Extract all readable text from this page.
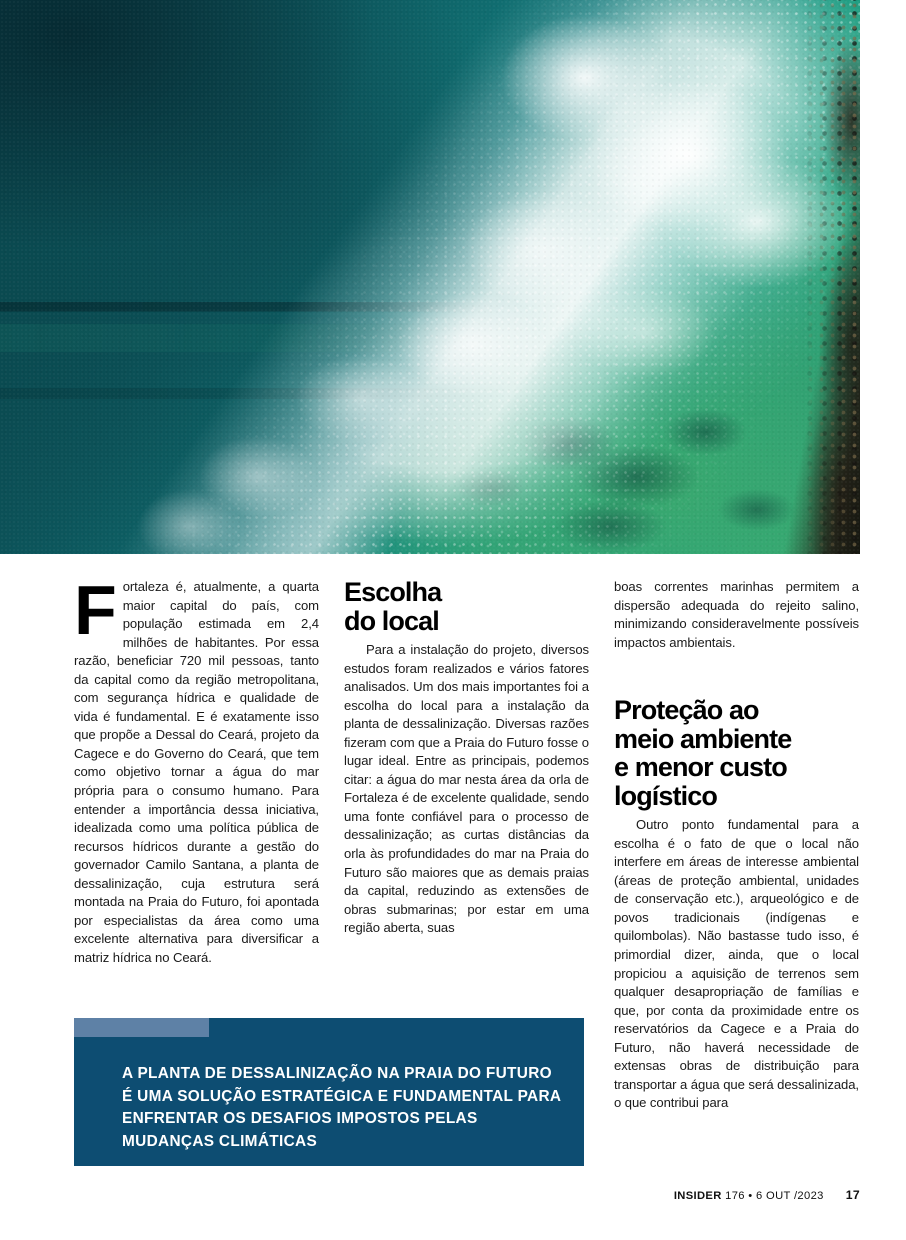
Fortaleza é, atualmente, a quarta maior capital do país, com população estimada em 2,4 milhões de habitantes. Por essa razão, beneficiar 720 mil pessoas, tanto da capital como da região metropolitana, com segurança hídrica e qualidade de vida é fundamental. E é exatamente isso que propõe a Dessal do Ceará, projeto da Cagece e do Governo do Ceará, que tem como objetivo tornar a água do mar própria para o consumo humano. Para entender a importância dessa iniciativa, idealizada como uma política pública de recursos hídricos durante a gestão do governador Camilo Santana, a planta de dessalinização, cuja estrutura será montada na Praia do Futuro, foi apontada por especialistas da área como uma excelente alternativa para diversificar a matriz hídrica no Ceará.

Escolha
do local

Para a instalação do projeto, diversos estudos foram realizados e vários fatores analisados. Um dos mais importantes foi a escolha do local para a instalação da planta de dessalinização. Diversas razões fizeram com que a Praia do Futuro fosse o lugar ideal. Entre as principais, podemos citar: a água do mar nesta área da orla de Fortaleza é de excelente qualidade, sendo uma fonte confiável para o processo de dessalinização; as curtas distâncias da orla às profundidades do mar na Praia do Futuro são maiores que as demais praias da capital, reduzindo as extensões de obras submarinas; por estar em uma região aberta, suas

boas correntes marinhas permitem a dispersão adequada do rejeito salino, minimizando consideravelmente possíveis impactos ambientais.

Proteção ao
meio ambiente
e menor custo
logístico

Outro ponto fundamental para a escolha é o fato de que o local não interfere em áreas de interesse ambiental (áreas de proteção ambiental, unidades de conservação etc.), arqueológico e de povos tradicionais (indígenas e quilombolas). Não bastasse tudo isso, é primordial dizer, ainda, que o local propiciou a aquisição de terrenos sem qualquer desapropriação de famílias e que, por conta da proximidade entre os reservatórios da Cagece e a Praia do Futuro, não haverá necessidade de extensas obras de distribuição para transportar a água que será dessalinizada, o que contribui para

A PLANTA DE DESSALINIZAÇÃO NA PRAIA DO FUTURO É UMA SOLUÇÃO ESTRATÉGICA E FUNDAMENTAL PARA ENFRENTAR OS DESAFIOS IMPOSTOS PELAS MUDANÇAS CLIMÁTICAS

INSIDER 176 • 6 OUT /2023 17
